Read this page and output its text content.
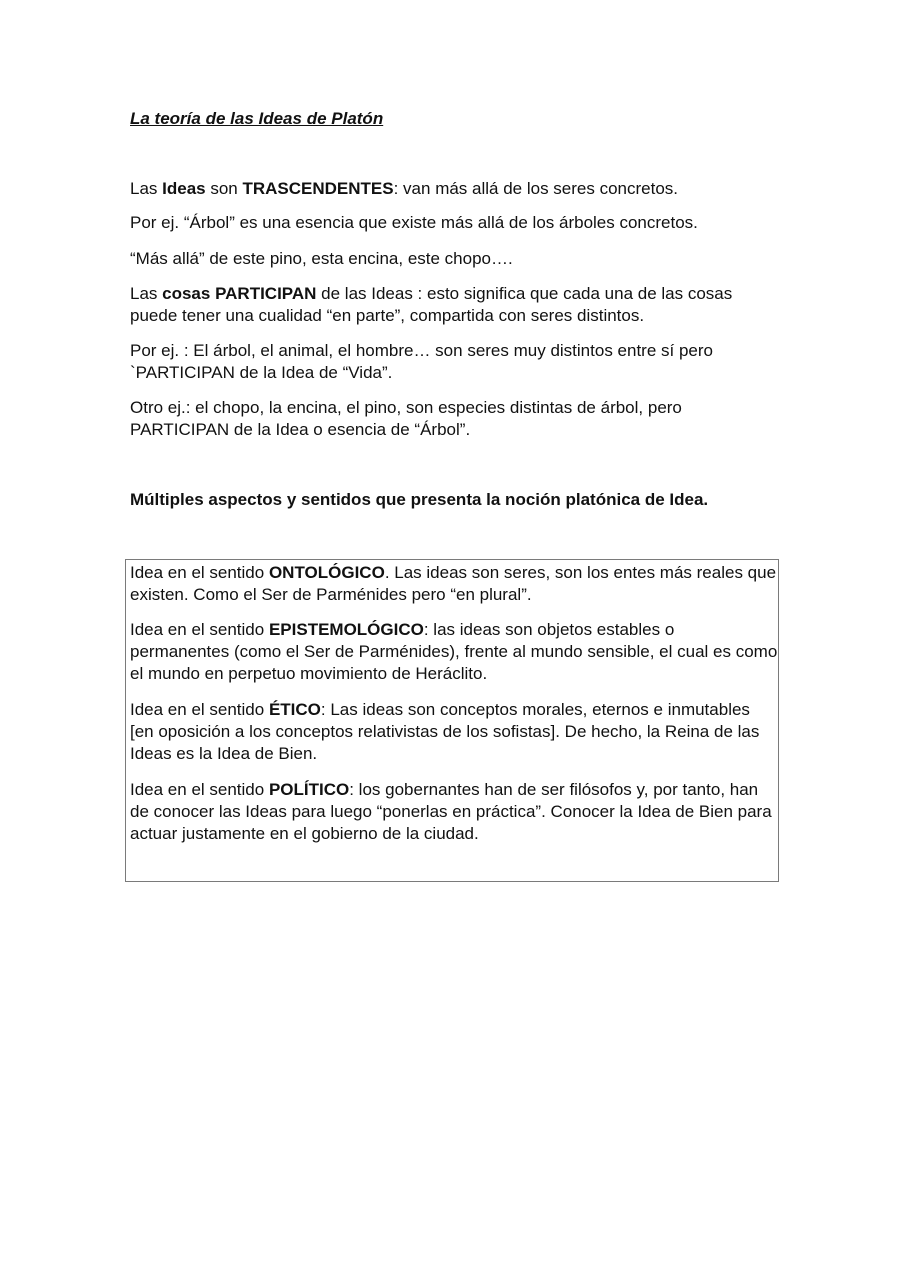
La teoría de las Ideas de Platón

Las Ideas son TRASCENDENTES: van más allá de los seres concretos.

Por ej. “Árbol” es una esencia que existe más allá de los árboles concretos.

“Más allá” de este pino, esta encina, este chopo….

Las cosas PARTICIPAN de las Ideas : esto significa que cada una de las cosas puede tener una cualidad “en parte”, compartida con seres distintos.

Por ej. : El árbol, el animal, el hombre… son seres muy distintos entre sí pero `PARTICIPAN de la Idea de “Vida”.

Otro ej.: el chopo, la encina, el pino, son especies distintas de árbol, pero PARTICIPAN de la Idea o esencia de “Árbol”.

Múltiples aspectos y sentidos que presenta la noción platónica de Idea.

Idea en el sentido ONTOLÓGICO. Las ideas son seres, son los entes más reales que existen. Como el Ser de Parménides pero “en plural”.

Idea en el sentido EPISTEMOLÓGICO: las ideas son objetos estables o permanentes (como el Ser de Parménides), frente al mundo sensible, el cual es como el mundo en perpetuo movimiento de Heráclito.

Idea en el sentido ÉTICO: Las ideas son conceptos morales, eternos e inmutables [en oposición a los conceptos relativistas de los sofistas]. De hecho, la Reina de las Ideas es la Idea de Bien.

Idea en el sentido POLÍTICO: los gobernantes han de ser filósofos y, por tanto, han de conocer las Ideas para luego “ponerlas en práctica”. Conocer la Idea de Bien para actuar justamente en el gobierno de la ciudad.
